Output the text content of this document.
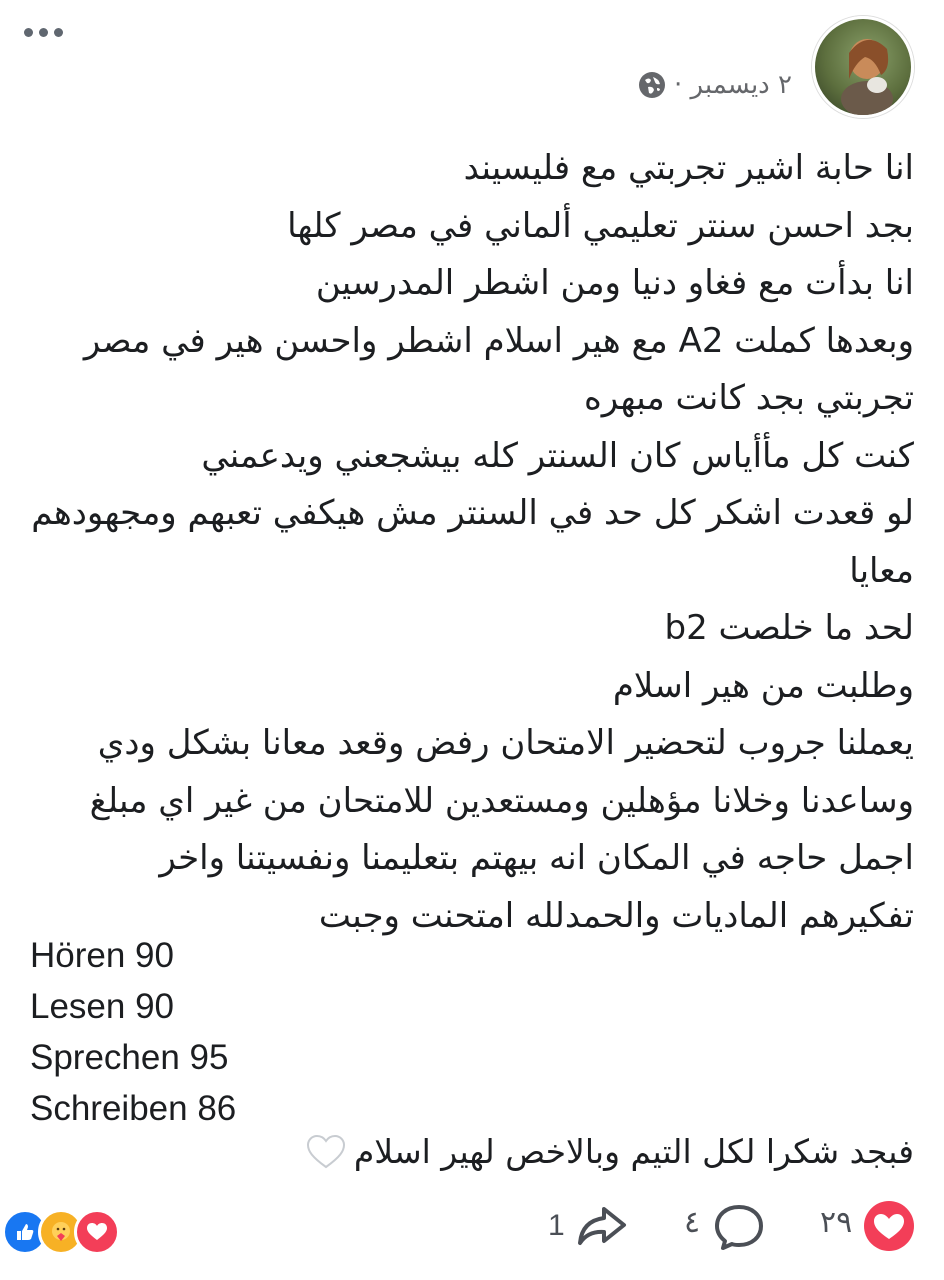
٢ ديسمبر ·
انا حابة اشير تجربتي مع فليسيند
بجد احسن سنتر تعليمي ألماني في مصر كلها
انا بدأت مع فغاو دنيا ومن اشطر المدرسين
وبعدها كملت A2 مع هير اسلام اشطر واحسن هير في مصر
تجربتي بجد كانت مبهره
كنت كل مأأياس كان السنتر كله بيشجعني ويدعمني
لو قعدت اشكر كل حد في السنتر مش هيكفي تعبهم ومجهودهم
معايا
لحد ما خلصت b2
وطلبت من هير اسلام
يعملنا جروب لتحضير الامتحان رفض وقعد معانا بشكل ودي
وساعدنا وخلانا مؤهلين ومستعدين للامتحان من غير اي مبلغ
اجمل حاجه في المكان انه بيهتم بتعليمنا ونفسيتنا واخر
تفكيرهم الماديات والحمدلله امتحنت وجبت
Hören 90
Lesen 90
Sprechen 95
Schreiben 86
فبجد شكرا لكل التيم وبالاخص لهير اسلام
1	٤	٢٩
